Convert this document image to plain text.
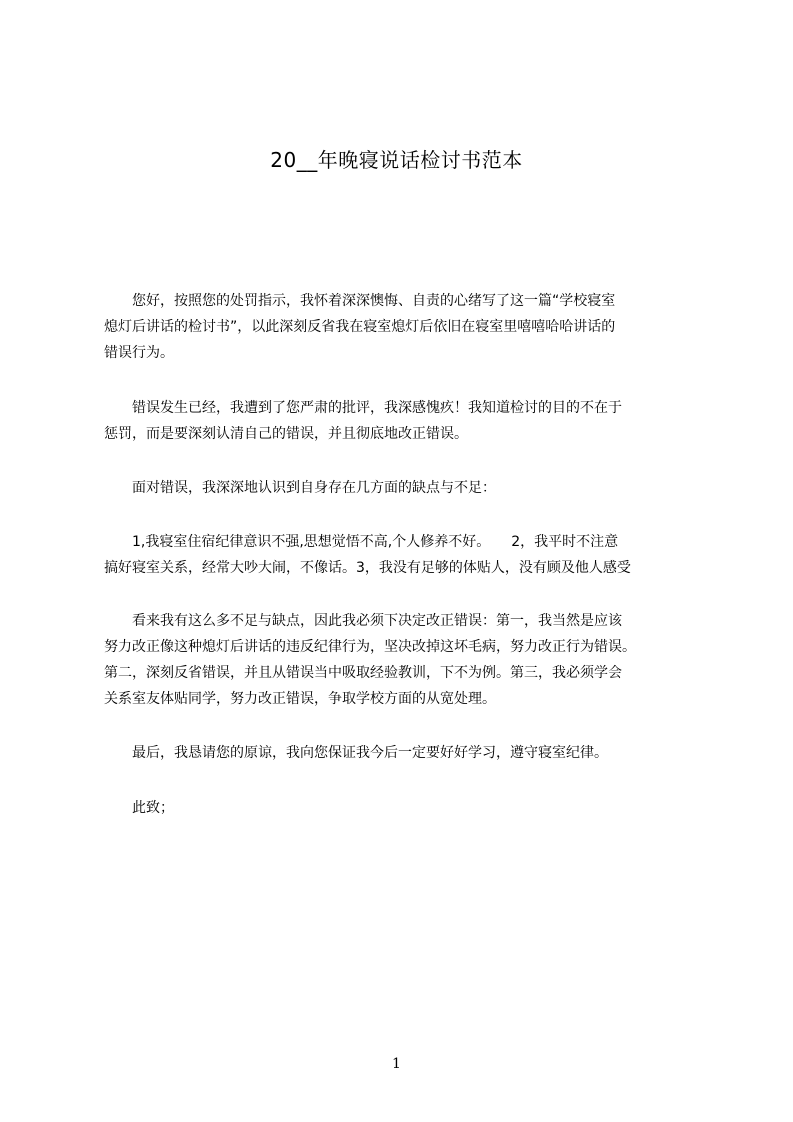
20__年晚寝说话检讨书范本
　　您好，按照您的处罚指示，我怀着深深懊悔、自责的心绪写了这一篇“学校寝室
熄灯后讲话的检讨书”，以此深刻反省我在寝室熄灯后依旧在寝室里嘻嘻哈哈讲话的
错误行为。
　　错误发生已经，我遭到了您严肃的批评，我深感愧疚！我知道检讨的目的不在于
惩罚，而是要深刻认清自己的错误，并且彻底地改正错误。
　　面对错误，我深深地认识到自身存在几方面的缺点与不足：
　　1,我寝室住宿纪律意识不强,思想觉悟不高,个人修养不好。　　2，我平时不注意
搞好寝室关系，经常大吵大闹，不像话。3，我没有足够的体贴人，没有顾及他人感受
　　看来我有这么多不足与缺点，因此我必须下决定改正错误：第一，我当然是应该
努力改正像这种熄灯后讲话的违反纪律行为，坚决改掉这坏毛病，努力改正行为错误。
第二，深刻反省错误，并且从错误当中吸取经验教训，下不为例。第三，我必须学会
关系室友体贴同学，努力改正错误，争取学校方面的从宽处理。
　　最后，我恳请您的原谅，我向您保证我今后一定要好好学习，遵守寝室纪律。
　　此致；
1
